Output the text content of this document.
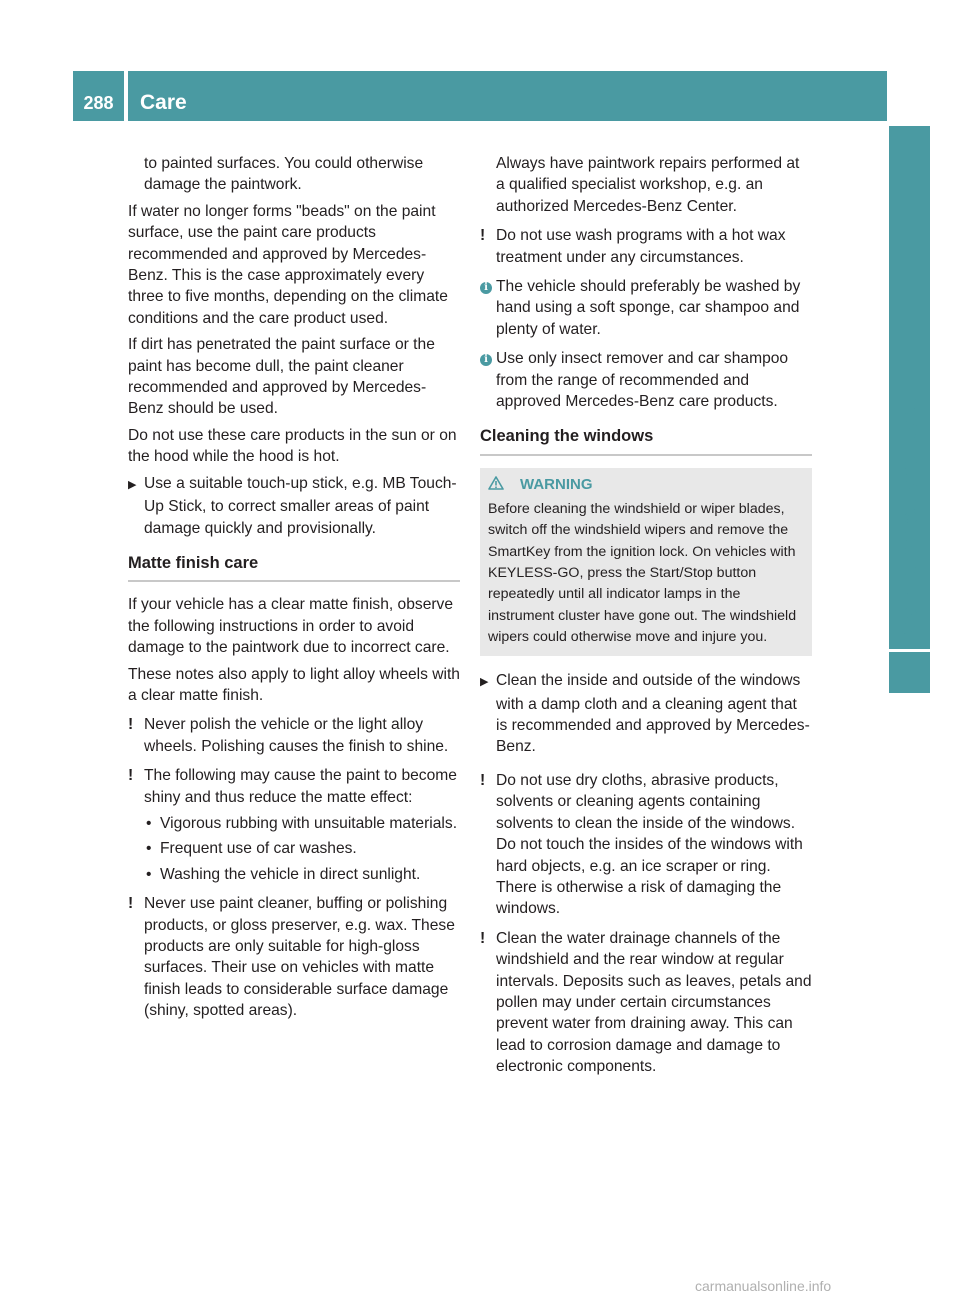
288	Care
Maintenance and care

to painted surfaces. You could otherwise damage the paintwork.

If water no longer forms "beads" on the paint surface, use the paint care products recommended and approved by Mercedes-Benz. This is the case approximately every three to five months, depending on the climate conditions and the care product used.

If dirt has penetrated the paint surface or the paint has become dull, the paint cleaner recommended and approved by Mercedes-Benz should be used.

Do not use these care products in the sun or on the hood while the hood is hot.

▶ Use a suitable touch-up stick, e.g. MB Touch-Up Stick, to correct smaller areas of paint damage quickly and provisionally.

Matte finish care

If your vehicle has a clear matte finish, observe the following instructions in order to avoid damage to the paintwork due to incorrect care.

These notes also apply to light alloy wheels with a clear matte finish.

! Never polish the vehicle or the light alloy wheels. Polishing causes the finish to shine.

! The following may cause the paint to become shiny and thus reduce the matte effect:

• Vigorous rubbing with unsuitable materials.
• Frequent use of car washes.
• Washing the vehicle in direct sunlight.

! Never use paint cleaner, buffing or polishing products, or gloss preserver, e.g. wax. These products are only suitable for high-gloss surfaces. Their use on vehicles with matte finish leads to considerable surface damage (shiny, spotted areas).

Always have paintwork repairs performed at a qualified specialist workshop, e.g. an authorized Mercedes-Benz Center.

! Do not use wash programs with a hot wax treatment under any circumstances.

i The vehicle should preferably be washed by hand using a soft sponge, car shampoo and plenty of water.

i Use only insect remover and car shampoo from the range of recommended and approved Mercedes-Benz care products.

Cleaning the windows
WARNING
Before cleaning the windshield or wiper blades, switch off the windshield wipers and remove the SmartKey from the ignition lock. On vehicles with KEYLESS-GO, press the Start/Stop button repeatedly until all indicator lamps in the instrument cluster have gone out. The windshield wipers could otherwise move and injure you.

▶ Clean the inside and outside of the windows with a damp cloth and a cleaning agent that is recommended and approved by Mercedes-Benz.

! Do not use dry cloths, abrasive products, solvents or cleaning agents containing solvents to clean the inside of the windows. Do not touch the insides of the windows with hard objects, e.g. an ice scraper or ring. There is otherwise a risk of damaging the windows.

! Clean the water drainage channels of the windshield and the rear window at regular intervals. Deposits such as leaves, petals and pollen may under certain circumstances prevent water from draining away. This can lead to corrosion damage and damage to electronic components.

carmanualsonline.info
